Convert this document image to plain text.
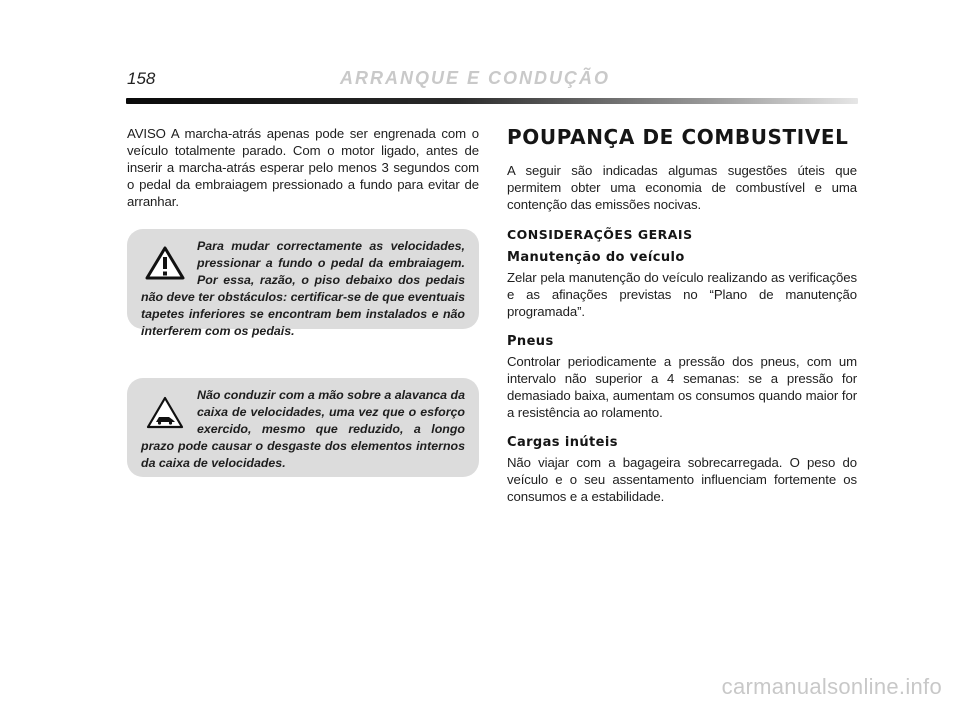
158	ARRANQUE E CONDUÇÃO

AVISO A marcha-atrás apenas pode ser engrenada com o veículo totalmente parado. Com o motor ligado, antes de inserir a marcha-atrás esperar pelo menos 3 segundos com o pedal da embraiagem pressionado a fundo para evitar de arranhar.

Para mudar correctamente as velocidades, pressionar a fundo o pedal da embraiagem. Por essa, razão, o piso debaixo dos pedais não deve ter obstáculos: certificar-se de que eventuais tapetes inferiores se encontram bem instalados e não interferem com os pedais.

Não conduzir com a mão sobre a alavanca da caixa de velocidades, uma vez que o esforço exercido, mesmo que reduzido, a longo prazo pode causar o desgaste dos elementos internos da caixa de velocidades.

POUPANÇA DE COMBUSTIVEL

A seguir são indicadas algumas sugestões úteis que permitem obter uma economia de combustível e uma contenção das emissões nocivas.

CONSIDERAÇÕES GERAIS
Manutenção do veículo

Zelar pela manutenção do veículo realizando as verificações e as afinações previstas no “Plano de manutenção programada”.

Pneus

Controlar periodicamente a pressão dos pneus, com um intervalo não superior a 4 semanas: se a pressão for demasiado baixa, aumentam os consumos quando maior for a resistência ao rolamento.

Cargas inúteis

Não viajar com a bagageira sobrecarregada. O peso do veículo e o seu assentamento influenciam fortemente os consumos e a estabilidade.

carmanualsonline.info
